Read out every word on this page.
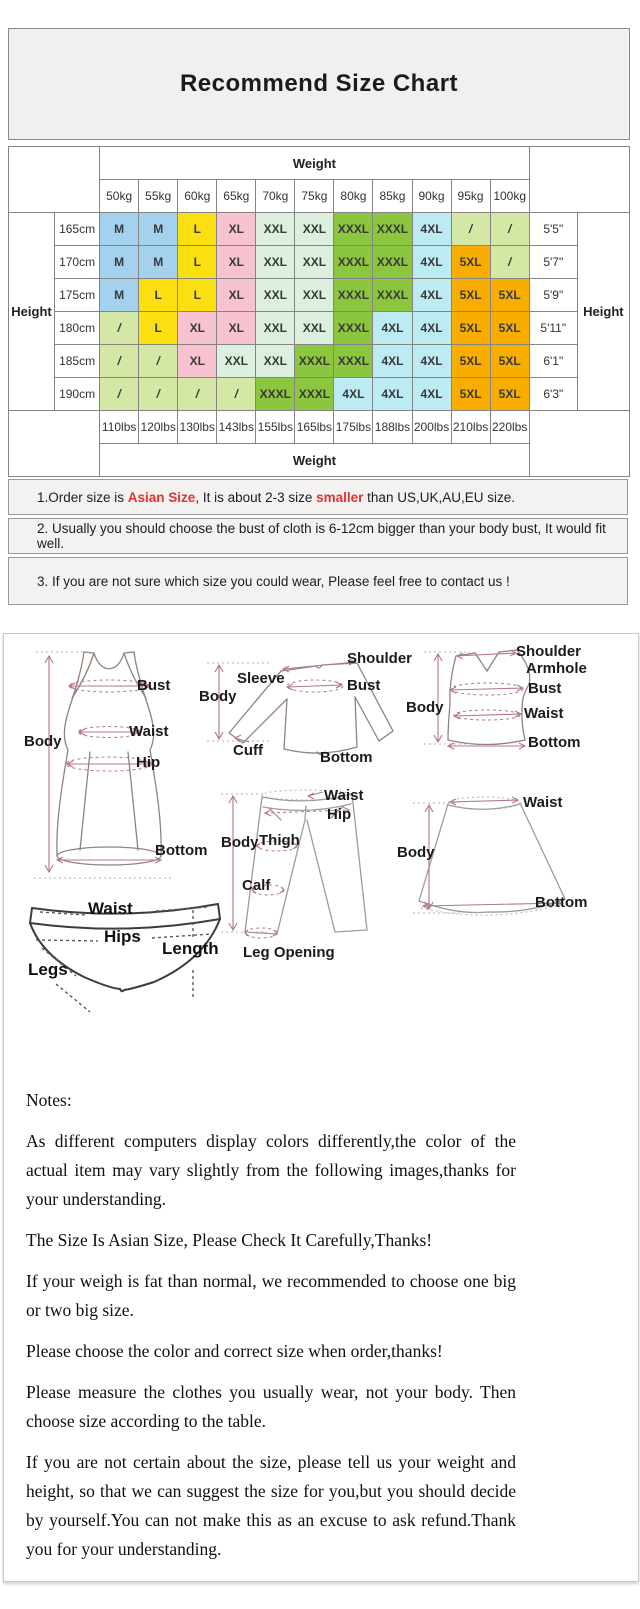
Recommend Size Chart
		Weight												
		50kg	55kg	60kg	65kg	70kg	75kg	80kg	85kg	90kg	95kg	100kg		
Height	165cm	M	M	L	XL	XXL	XXL	XXXL	XXXL	4XL	/	/	5'5"	Height
	170cm	M	M	L	XL	XXL	XXL	XXXL	XXXL	4XL	5XL	/	5'7"	
	175cm	M	L	L	XL	XXL	XXL	XXXL	XXXL	4XL	5XL	5XL	5'9"	
	180cm	/	L	XL	XL	XXL	XXL	XXXL	4XL	4XL	5XL	5XL	5'11"	
	185cm	/	/	XL	XXL	XXL	XXXL	XXXL	4XL	4XL	5XL	5XL	6'1"	
	190cm	/	/	/	/	XXXL	XXXL	4XL	4XL	4XL	5XL	5XL	6'3"	
		110lbs	120lbs	130lbs	143lbs	155lbs	165lbs	175lbs	188lbs	200lbs	210lbs	220lbs		
		Weight												
1.Order size is Asian Size, It is about 2-3 size smaller than US,UK,AU,EU size.
2. Usually you should choose the bust of cloth is 6-12cm bigger than your body bust, It would fit well.
3. If you are not sure which size you could wear, Please feel free to contact us !
Bust
Waist
Body
Hip
Bottom
Shoulder
Sleeve
Body
Bust
Cuff	Bottom
Shoulder
Armhole
Body
Bust
Waist
Bottom
Waist
Hip
Body Thigh
Calf
Leg Opening
Waist
Body
Bottom
Waist
Hips
Legs
Length

Notes:

As different computers display colors differently,the color of the actual item may vary slightly from the following images,thanks for your understanding.

The Size Is Asian Size, Please Check It Carefully,Thanks!

If your weigh is fat than normal, we recommended to choose one big or two big size.

Please choose the color and correct size when order,thanks!

Please measure the clothes you usually wear, not your body. Then choose size according to the table.

If you are not certain about the size, please tell us your weight and height, so that we can suggest the size for you,but you should decide by yourself.You can not make this as an excuse to ask refund.Thank you for your understanding.
